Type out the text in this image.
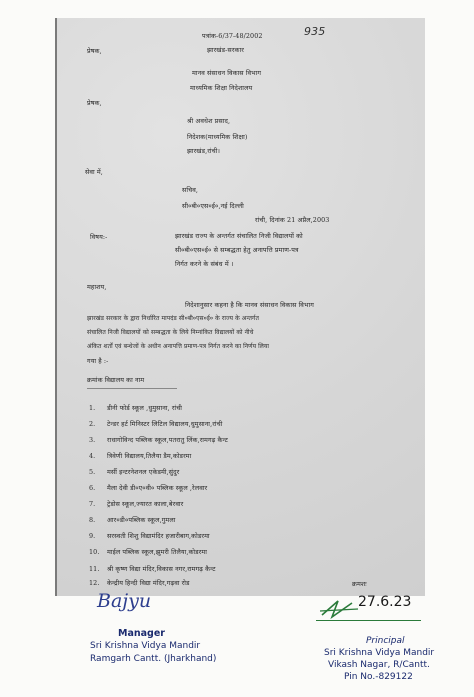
पत्रांक-6/37-48/2002	935
प्रेषक,	झारखंड-सरकार
मानव संसाधन विकास विभाग
माध्यमिक शिक्षा निदेशालय
प्रेषक,
श्री अवधेश प्रसाद,
निदेशक(माध्यमिक शिक्षा)
झारखंड,रांची।
सेवा में,
सचिव,
सी०बी०एस०ई०,नई दिल्ली
रांची, दिनांक 21 अप्रैल,2003
विषय:-	झारखंड राज्य के अन्तर्गत संचालित निजी विद्यालयों को
सी०बी०एस०ई० से सम्बद्धता हेतु अनापत्ति प्रमाण-पत्र
निर्गत करने के संबंध में ।
महाशय,
निदेशानुसार कहना है कि मानव संसाधन विकास विभाग
झारखंड सरकार के द्वारा निर्धारित मापदंड सी०बी०एस०ई० के राज्य के अन्तर्गत
संचालित निजी विद्यालयों को सम्बद्धता के लिये निम्नांकित विद्यालयों को नीचे
अंकित शर्तों एवं बन्धेजों के अधीन अनापत्ति प्रमाण-पत्र निर्गत करने का निर्णय लिया
गया है :-
क्रमांक विद्यालय का नाम
1. डीनी फोर्ड स्कूल ,धुमुसाना, रांची
2. टेन्डर हर्ट मिनिस्टर लिटिल विद्यालय,धुमुसाना,रांची
3. राधागोविन्द पब्लिक स्कूल,पतरातु लिंक,रामगढ़ कैन्ट
4. त्रिवेणी विद्यालय,तिलैया डैम,कोडरमा
5. मर्सी इन्टरनेशनल एकेडमी,सुंदुर
6. मैला देवी डी०ए०वी० पब्लिक स्कूल ,रेलवार
7. ट्रेडोस स्कूल,ज्यारत काला,बेरवार
8. आर०डी०पब्लिक स्कूल,गुमला
9. सरस्वती शिशु विद्यामंदिर हजारीबाग,कोडरमा
10. माईल पब्लिक स्कूल,झुमरी तिलैया,कोडरमा
11. श्री कृष्ण विद्या मंदिर,विकास नगर,रामगढ़ कैन्ट
12. केन्द्रीय हिन्दी विद्या मंदिर,गढ़वा रोड	क्रमशः
Bajyu
Manager
Sri Krishna Vidya Mandir
Ramgarh Cantt. (Jharkhand)
27.6.23
Principal
Sri Krishna Vidya Mandir
Vikash Nagar, R/Cantt.
Pin No.-829122
